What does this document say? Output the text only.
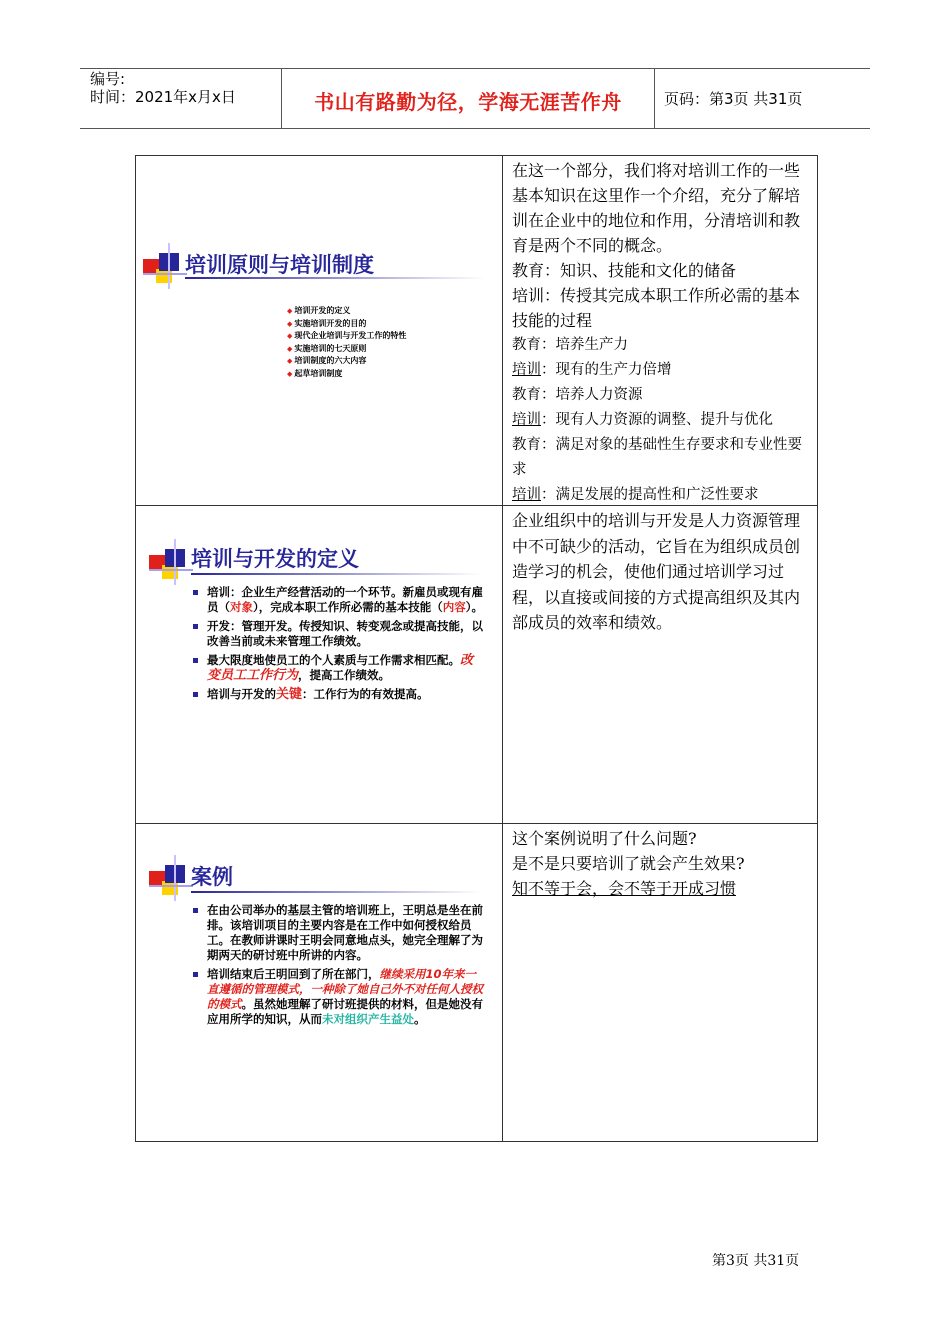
编号:
时间：2021年x月x日	书山有路勤为径，学海无涯苦作舟	页码：第3页 共31页
培训原则与培训制度
◆ 培训开发的定义
◆ 实施培训开发的目的
◆ 现代企业培训与开发工作的特性
◆ 实施培训的七天原则
◆ 培训制度的六大内容
◆ 起草培训制度
在这一个部分，我们将对培训工作的一些基本知识在这里作一个介绍，充分了解培训在企业中的地位和作用，分清培训和教育是两个不同的概念。
教育：知识、技能和文化的储备
培训：传授其完成本职工作所必需的基本技能的过程
教育：培养生产力
培训：现有的生产力倍增
教育：培养人力资源
培训：现有人力资源的调整、提升与优化
教育：满足对象的基础性生存要求和专业性要求
培训：满足发展的提高性和广泛性要求
培训与开发的定义
培训：企业生产经营活动的一个环节。新雇员或现有雇员（对象），完成本职工作所必需的基本技能（内容）。
开发：管理开发。传授知识、转变观念或提高技能，以改善当前或未来管理工作绩效。
最大限度地使员工的个人素质与工作需求相匹配。改变员工工作行为，提高工作绩效。
培训与开发的关键：工作行为的有效提高。
企业组织中的培训与开发是人力资源管理中不可缺少的活动，它旨在为组织成员创造学习的机会，使他们通过培训学习过程，以直接或间接的方式提高组织及其内部成员的效率和绩效。
案例
在由公司举办的基层主管的培训班上，王明总是坐在前排。该培训项目的主要内容是在工作中如何授权给员工。在教师讲课时王明会同意地点头，她完全理解了为期两天的研讨班中所讲的内容。
培训结束后王明回到了所在部门，继续采用10年来一直遵循的管理模式，一种除了她自己外不对任何人授权的模式。虽然她理解了研讨班提供的材料，但是她没有应用所学的知识，从而未对组织产生益处。
这个案例说明了什么问题?
是不是只要培训了就会产生效果?
知不等于会，会不等于开成习惯
第3页 共31页
